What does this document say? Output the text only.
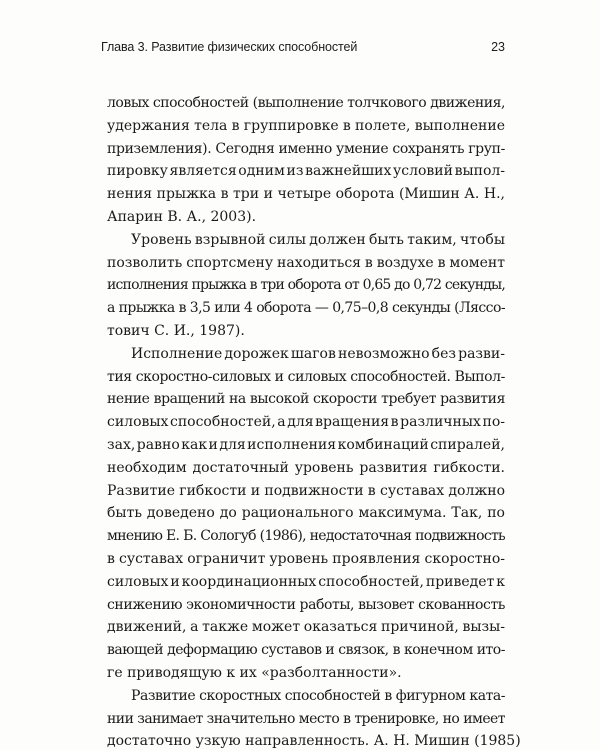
Глава 3. Развитие физических способностей	23
ловых способностей (выполнение толчкового движения,
удержания тела в группировке в полете, выполнение
приземления). Сегодня именно умение сохранять груп-
пировку является одним из важнейших условий выпол-
нения прыжка в три и четыре оборота (Мишин А. Н.,
Апарин В. А., 2003).
Уровень взрывной силы должен быть таким, чтобы
позволить спортсмену находиться в воздухе в момент
исполнения прыжка в три оборота от 0,65 до 0,72 секунды,
а прыжка в 3,5 или 4 оборота — 0,75–0,8 секунды (Ляссо-
тович С. И., 1987).
Исполнение дорожек шагов невозможно без разви-
тия скоростно-силовых и силовых способностей. Выпол-
нение вращений на высокой скорости требует развития
силовых способностей, а для вращения в различных по-
зах, равно как и для исполнения комбинаций спиралей,
необходим достаточный уровень развития гибкости.
Развитие гибкости и подвижности в суставах должно
быть доведено до рационального максимума. Так, по
мнению Е. Б. Сологуб (1986), недостаточная подвижность
в суставах ограничит уровень проявления скоростно-
силовых и координационных способностей, приведет к
снижению экономичности работы, вызовет скованность
движений, а также может оказаться причиной, вызы-
вающей деформацию суставов и связок, в конечном ито-
ге приводящую к их «разболтанности».
Развитие скоростных способностей в фигурном ката-
нии занимает значительно место в тренировке, но имеет
достаточно узкую направленность. А. Н. Мишин (1985)
